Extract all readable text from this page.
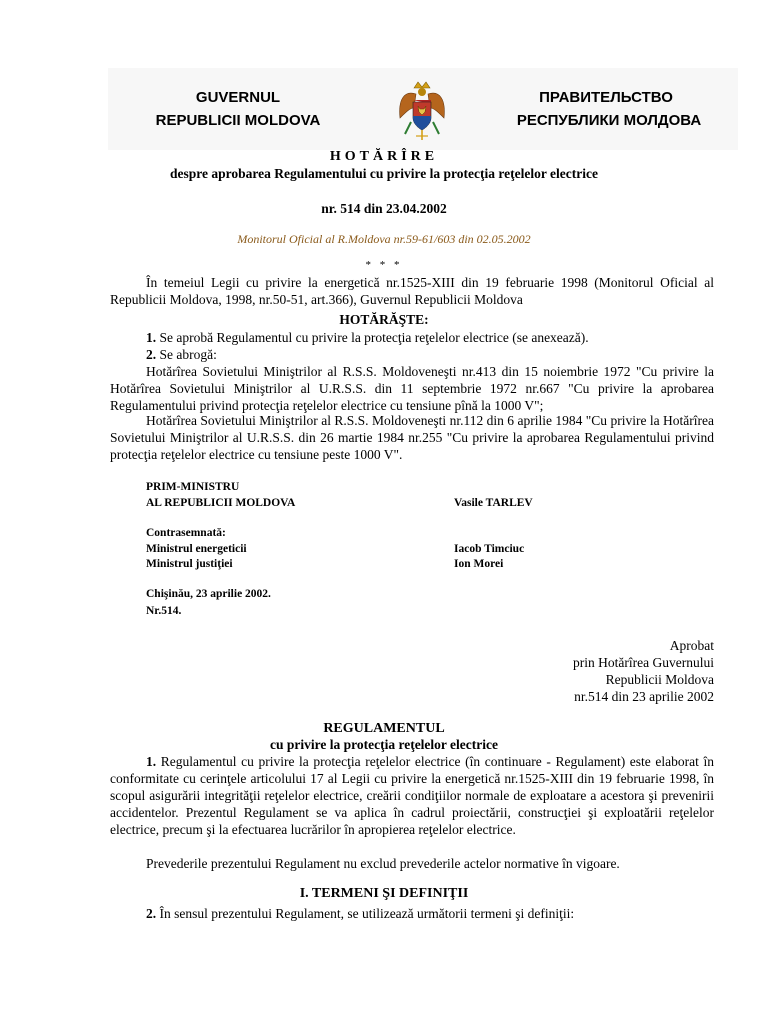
GUVERNUL
REPUBLICII MOLDOVA
ПРАВИТЕЛЬСТВО
РЕСПУБЛИКИ МОЛДОВА
HOTĂRÎRE
despre aprobarea Regulamentului cu privire la protecţia reţelelor electrice
nr. 514 din 23.04.2002
Monitorul Oficial al R.Moldova nr.59-61/603 din 02.05.2002
* * *
În temeiul Legii cu privire la energetică nr.1525-XIII din 19 februarie 1998 (Monitorul Oficial al Republicii Moldova, 1998, nr.50-51, art.366), Guvernul Republicii Moldova
HOTĂRĂŞTE:
1. Se aprobă Regulamentul cu privire la protecţia reţelelor electrice (se anexează).
2. Se abrogă:
Hotărîrea Sovietului Miniştrilor al R.S.S. Moldoveneşti nr.413 din 15 noiembrie 1972 "Cu privire la Hotărîrea Sovietului Miniştrilor al U.R.S.S. din 11 septembrie 1972 nr.667 "Cu privire la aprobarea Regulamentului privind protecţia reţelelor electrice cu tensiune pînă la 1000 V";
Hotărîrea Sovietului Miniştrilor al R.S.S. Moldoveneşti nr.112 din 6 aprilie 1984 "Cu privire la Hotărîrea Sovietului Miniştrilor al U.R.S.S. din 26 martie 1984 nr.255 "Cu privire la aprobarea Regulamentului privind protecţia reţelelor electrice cu tensiune peste 1000 V".
PRIM-MINISTRU
AL REPUBLICII MOLDOVA	Vasile TARLEV
Contrasemnată:
Ministrul energeticii	Iacob Timciuc
Ministrul justiţiei	Ion Morei
Chişinău, 23 aprilie 2002.
Nr.514.
Aprobat
prin Hotărîrea Guvernului
Republicii Moldova
nr.514 din 23 aprilie 2002
REGULAMENTUL
cu privire la protecţia reţelelor electrice
1. Regulamentul cu privire la protecţia reţelelor electrice (în continuare - Regulament) este elaborat în conformitate cu cerinţele articolului 17 al Legii cu privire la energetică nr.1525-XIII din 19 februarie 1998, în scopul asigurării integrităţii reţelelor electrice, creării condiţiilor normale de exploatare a acestora şi prevenirii accidentelor. Prezentul Regulament se va aplica în cadrul proiectării, construcţiei şi exploatării reţelelor electrice, precum şi la efectuarea lucrărilor în apropierea reţelelor electrice.
Prevederile prezentului Regulament nu exclud prevederile actelor normative în vigoare.
I. TERMENI ŞI DEFINIŢII
2. În sensul prezentului Regulament, se utilizează următorii termeni şi definiţii:
